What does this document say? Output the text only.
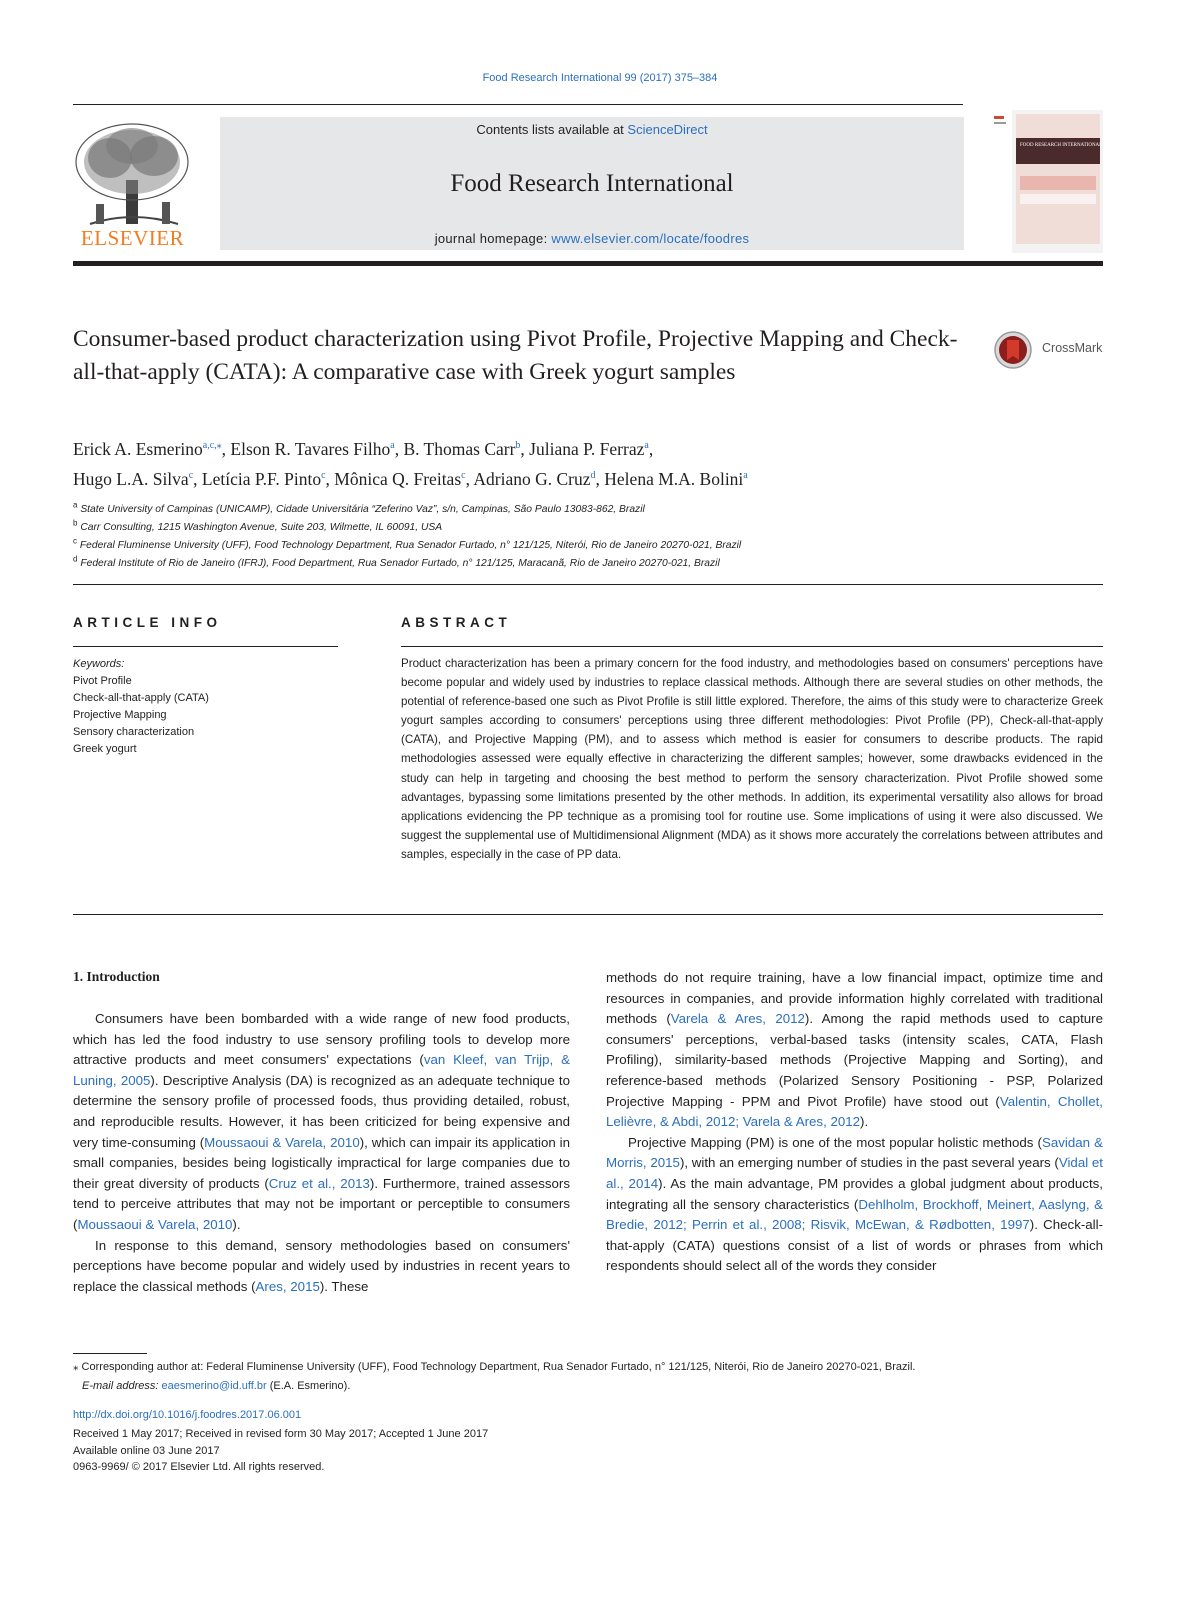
Food Research International 99 (2017) 375–384
ELSEVIER
Contents lists available at ScienceDirect
Food Research International
journal homepage: www.elsevier.com/locate/foodres
FOOD RESEARCH INTERNATIONAL
Consumer-based product characterization using Pivot Profile, Projective Mapping and Check-all-that-apply (CATA): A comparative case with Greek yogurt samples
CrossMark
Erick A. Esmerino$^{a,c,⁎}$, Elson R. Tavares Filho$^a$, B. Thomas Carr$^b$, Juliana P. Ferraz$^a$,
Hugo L.A. Silva$^c$, Letícia P.F. Pinto$^c$, Mônica Q. Freitas$^c$, Adriano G. Cruz$^d$, Helena M.A. Bolini$^a$
$^a$ State University of Campinas (UNICAMP), Cidade Universitária “Zeferino Vaz”, s/n, Campinas, São Paulo 13083-862, Brazil
$^b$ Carr Consulting, 1215 Washington Avenue, Suite 203, Wilmette, IL 60091, USA
$^c$ Federal Fluminense University (UFF), Food Technology Department, Rua Senador Furtado, n° 121/125, Niterói, Rio de Janeiro 20270-021, Brazil
$^d$ Federal Institute of Rio de Janeiro (IFRJ), Food Department, Rua Senador Furtado, n° 121/125, Maracanã, Rio de Janeiro 20270-021, Brazil
ARTICLE INFO	ABSTRACT
Keywords:
Pivot Profile
Check-all-that-apply (CATA)
Projective Mapping
Sensory characterization
Greek yogurt
Product characterization has been a primary concern for the food industry, and methodologies based on consumers' perceptions have become popular and widely used by industries to replace classical methods. Although there are several studies on other methods, the potential of reference-based one such as Pivot Profile is still little explored. Therefore, the aims of this study were to characterize Greek yogurt samples according to consumers' perceptions using three different methodologies: Pivot Profile (PP), Check-all-that-apply (CATA), and Projective Mapping (PM), and to assess which method is easier for consumers to describe products. The rapid methodologies assessed were equally effective in characterizing the different samples; however, some drawbacks evidenced in the study can help in targeting and choosing the best method to perform the sensory characterization. Pivot Profile showed some advantages, bypassing some limitations presented by the other methods. In addition, its experimental versatility also allows for broad applications evidencing the PP technique as a promising tool for routine use. Some implications of using it were also discussed. We suggest the supplemental use of Multidimensional Alignment (MDA) as it shows more accurately the correlations between attributes and samples, especially in the case of PP data.
1. Introduction

Consumers have been bombarded with a wide range of new food products, which has led the food industry to use sensory profiling tools to develop more attractive products and meet consumers' expectations (van Kleef, van Trijp, & Luning, 2005). Descriptive Analysis (DA) is recognized as an adequate technique to determine the sensory profile of processed foods, thus providing detailed, robust, and reproducible results. However, it has been criticized for being expensive and very time-consuming (Moussaoui & Varela, 2010), which can impair its application in small companies, besides being logistically impractical for large companies due to their great diversity of products (Cruz et al., 2013). Furthermore, trained assessors tend to perceive attributes that may not be important or perceptible to consumers (Moussaoui & Varela, 2010).

In response to this demand, sensory methodologies based on consumers' perceptions have become popular and widely used by industries in recent years to replace the classical methods (Ares, 2015). These

methods do not require training, have a low financial impact, optimize time and resources in companies, and provide information highly correlated with traditional methods (Varela & Ares, 2012). Among the rapid methods used to capture consumers' perceptions, verbal-based tasks (intensity scales, CATA, Flash Profiling), similarity-based methods (Projective Mapping and Sorting), and reference-based methods (Polarized Sensory Positioning - PSP, Polarized Projective Mapping - PPM and Pivot Profile) have stood out (Valentin, Chollet, Lelièvre, & Abdi, 2012; Varela & Ares, 2012).

Projective Mapping (PM) is one of the most popular holistic methods (Savidan & Morris, 2015), with an emerging number of studies in the past several years (Vidal et al., 2014). As the main advantage, PM provides a global judgment about products, integrating all the sensory characteristics (Dehlholm, Brockhoff, Meinert, Aaslyng, & Bredie, 2012; Perrin et al., 2008; Risvik, McEwan, & Rødbotten, 1997). Check-all-that-apply (CATA) questions consist of a list of words or phrases from which respondents should select all of the words they consider

⁎ Corresponding author at: Federal Fluminense University (UFF), Food Technology Department, Rua Senador Furtado, n° 121/125, Niterói, Rio de Janeiro 20270-021, Brazil.
E-mail address: eaesmerino@id.uff.br (E.A. Esmerino).
http://dx.doi.org/10.1016/j.foodres.2017.06.001
Received 1 May 2017; Received in revised form 30 May 2017; Accepted 1 June 2017
Available online 03 June 2017
0963-9969/ © 2017 Elsevier Ltd. All rights reserved.
